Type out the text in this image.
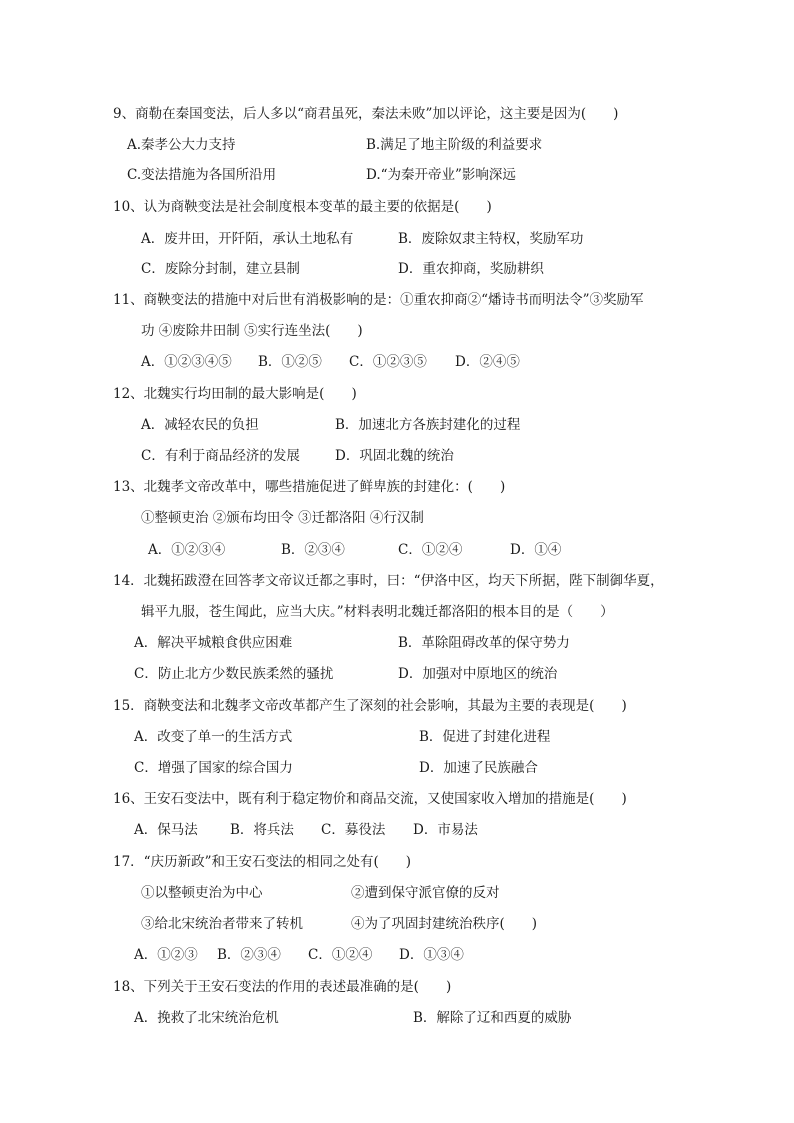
9、商勒在秦国变法，后人多以“商君虽死，秦法未败”加以评论，这主要是因为(　　)
A.秦孝公大力支持	B.满足了地主阶级的利益要求
C.变法措施为各国所沿用	D.“为秦开帝业”影响深远
10、认为商鞅变法是社会制度根本变革的最主要的依据是(　　)
A．废井田，开阡陌，承认土地私有	B．废除奴隶主特权，奖励军功
C．废除分封制，建立县制	D．重农抑商，奖励耕织
11、商鞅变法的措施中对后世有消极影响的是：①重农抑商②“燔诗书而明法令”③奖励军
功 ④废除井田制 ⑤实行连坐法(　　)
A．①②③④⑤ B．①②⑤ C．①②③⑤ D．②④⑤
12、北魏实行均田制的最大影响是(　　)
A．减轻农民的负担	B．加速北方各族封建化的过程
C．有利于商品经济的发展	D．巩固北魏的统治
13、北魏孝文帝改革中，哪些措施促进了鲜卑族的封建化：(　　)
①整顿吏治 ②颁布均田令 ③迁都洛阳 ④行汉制
A．①②③④	B．②③④	C．①②④	D．①④
14．北魏拓跋澄在回答孝文帝议迁都之事时，曰：“伊洛中区，均天下所据，陛下制御华夏，
辑平九服，苍生闻此，应当大庆。”材料表明北魏迁都洛阳的根本目的是（　　）
A．解决平城粮食供应困难	B．革除阻碍改革的保守势力
C．防止北方少数民族柔然的骚扰	D．加强对中原地区的统治
15．商鞅变法和北魏孝文帝改革都产生了深刻的社会影响，其最为主要的表现是(　　)
A．改变了单一的生活方式	B．促进了封建化进程
C．增强了国家的综合国力	D．加速了民族融合
16、王安石变法中，既有利于稳定物价和商品交流，又使国家收入增加的措施是(　　)
A．保马法 B．将兵法 C．募役法 D．市易法
17．“庆历新政”和王安石变法的相同之处有(　　)
①以整顿吏治为中心	②遭到保守派官僚的反对
③给北宋统治者带来了转机	④为了巩固封建统治秩序(　　)
A．①②③ B．②③④ C．①②④ D．①③④
18、下列关于王安石变法的作用的表述最准确的是(　　)
A．挽救了北宋统治危机	B．解除了辽和西夏的威胁
